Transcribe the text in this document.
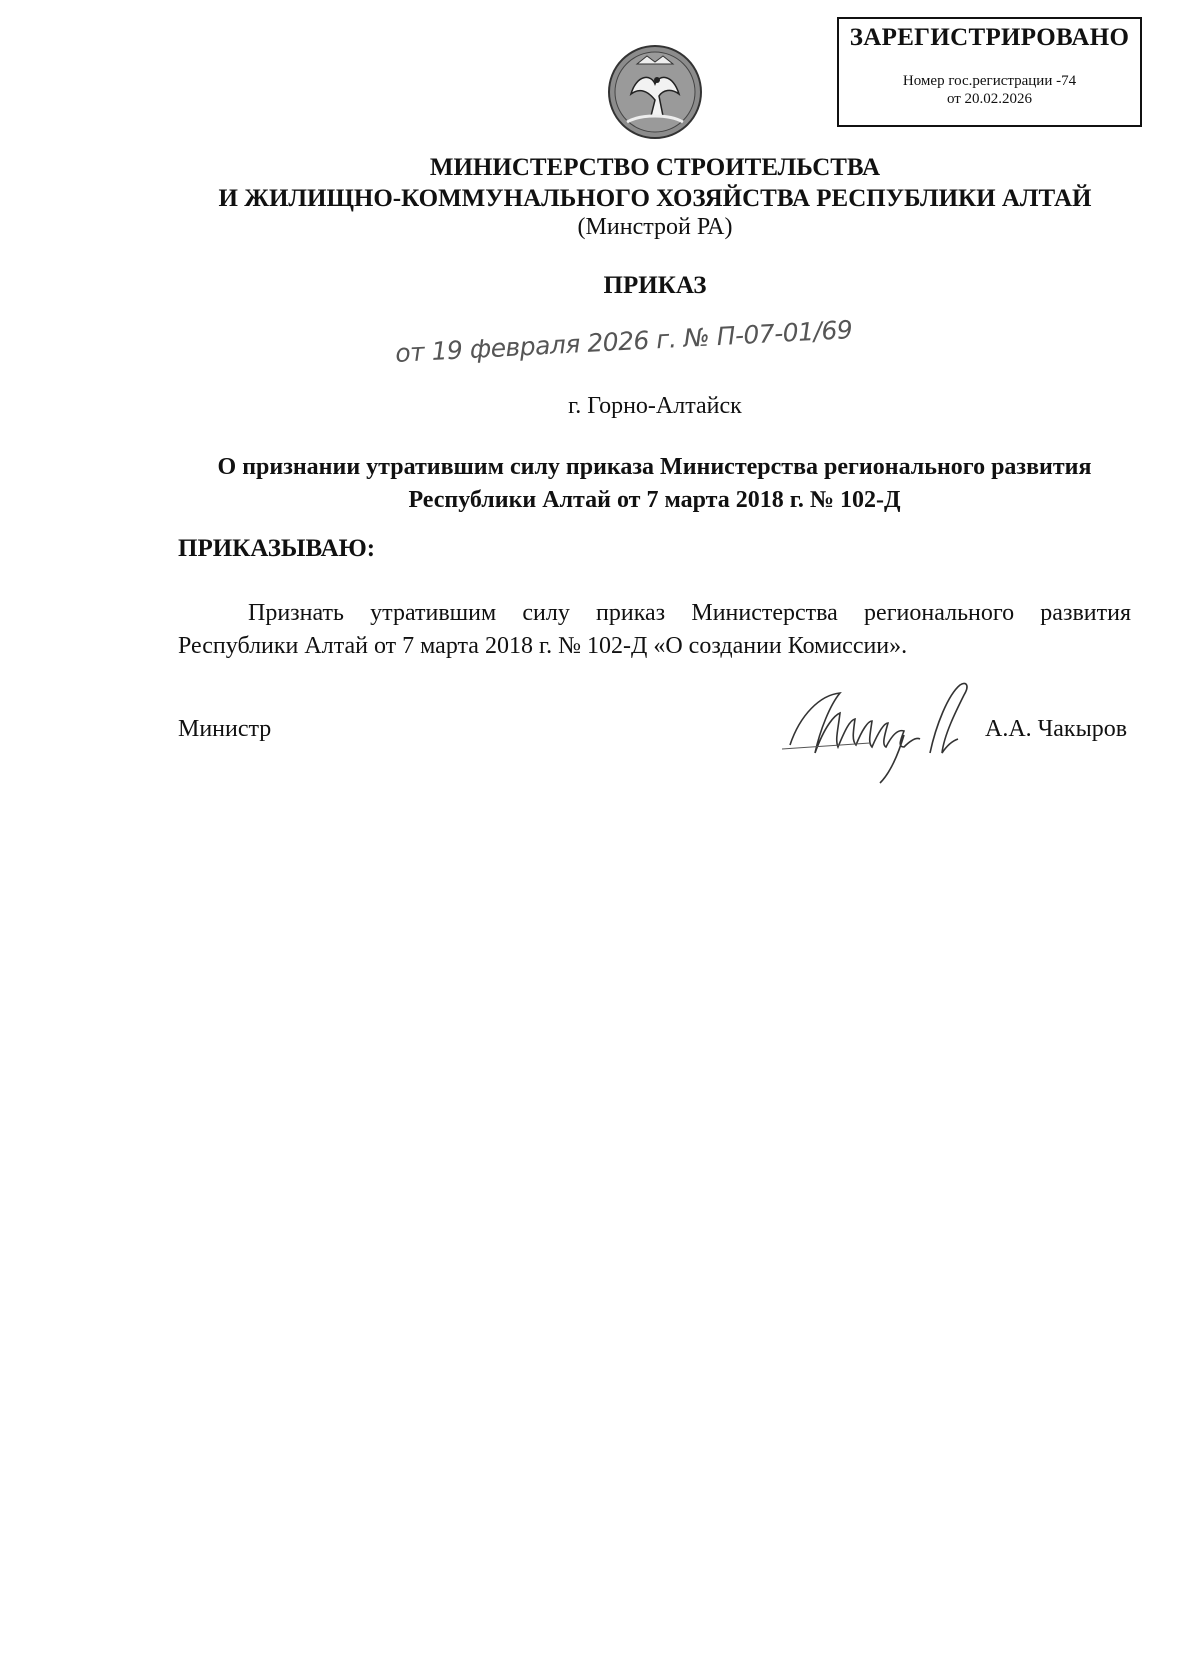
ЗАРЕГИСТРИРОВАНО
Номер гос.регистрации -74
от 20.02.2026
МИНИСТЕРСТВО СТРОИТЕЛЬСТВА
И ЖИЛИЩНО-КОММУНАЛЬНОГО ХОЗЯЙСТВА РЕСПУБЛИКИ АЛТАЙ
(Минстрой РА)
ПРИКАЗ
от 19 февраля 2026 г. № П-07-01/69
г. Горно-Алтайск
О признании утратившим силу приказа Министерства регионального развития
Республики Алтай от 7 марта 2018 г. № 102-Д
ПРИКАЗЫВАЮ:
Признать утратившим силу приказ Министерства регионального развития Республики Алтай от 7 марта 2018 г. № 102-Д «О создании Комиссии».
Министр	А.А. Чакыров
